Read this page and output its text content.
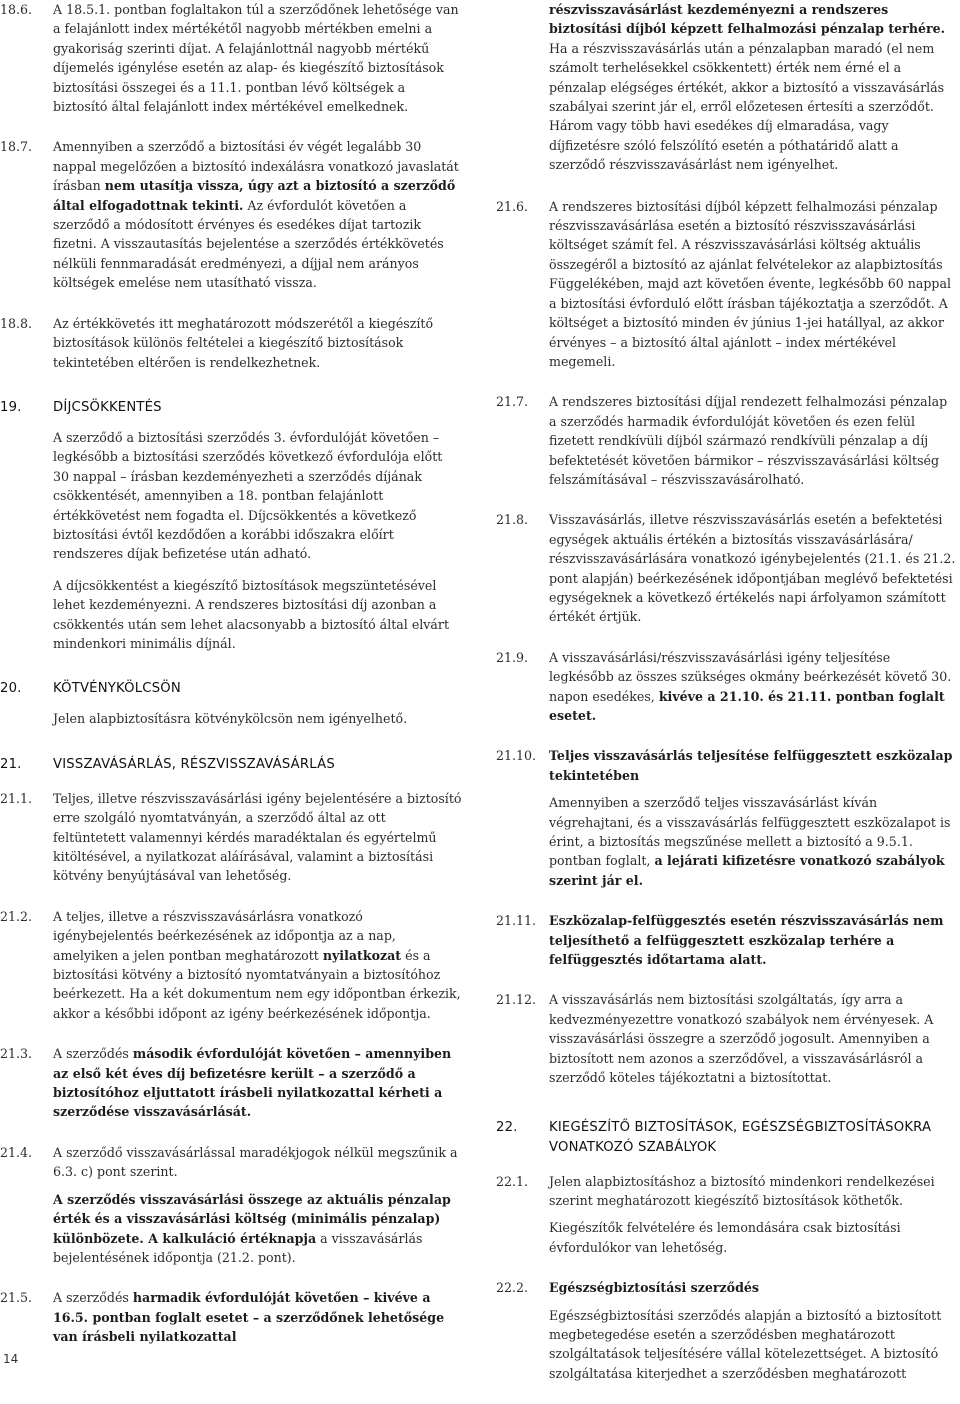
18.6.	A 18.5.1. pontban foglaltakon túl a szerződőnek lehetősége van a felajánlott index mértékétől nagyobb mértékben emelni a gyakoriság szerinti díjat. A felajánlottnál nagyobb mértékű díjemelés igénylése esetén az alap- és kiegészítő biztosítások biztosítási összegei és a 11.1. pontban lévő költségek a biztosító által felajánlott index mértékével emelkednek.
18.7.	Amennyiben a szerződő a biztosítási év végét legalább 30 nappal megelőzően a biztosító indexálásra vonatkozó javaslatát írásban nem utasítja vissza, úgy azt a biztosító a szerződő által elfogadottnak tekinti. Az évfordulót követően a szerződő a módosított érvényes és esedékes díjat tartozik fizetni. A visszautasítás bejelentése a szerződés értékkövetés nélküli fennmaradását eredményezi, a díjjal nem arányos költségek emelése nem utasítható vissza.
18.8.	Az értékkövetés itt meghatározott módszerétől a kiegészítő biztosítások különös feltételei a kiegészítő biztosítások tekintetében eltérően is rendelkezhetnek.
19.	DÍJCSÖKKENTÉS

A szerződő a biztosítási szerződés 3. évfordulóját követően – legkésőbb a biztosítási szerződés következő évfordulója előtt 30 nappal – írásban kezdeményezheti a szerződés díjának csökkentését, amennyiben a 18. pontban felajánlott értékkövetést nem fogadta el. Díjcsökkentés a következő biztosítási évtől kezdődően a korábbi időszakra előírt rendszeres díjak befizetése után adható.

A díjcsökkentést a kiegészítő biztosítások megszüntetésével lehet kezdeményezni. A rendszeres biztosítási díj azonban a csökkentés után sem lehet alacsonyabb a biztosító által elvárt mindenkori minimális díjnál.

20.	KÖTVÉNYKÖLCSÖN

Jelen alapbiztosításra kötvénykölcsön nem igényelhető.

21.	VISSZAVÁSÁRLÁS, RÉSZVISSZAVÁSÁRLÁS
21.1.	Teljes, illetve részvisszavásárlási igény bejelentésére a biztosító erre szolgáló nyomtatványán, a szerződő által az ott feltüntetett valamennyi kérdés maradéktalan és egyértelmű kitöltésével, a nyilatkozat aláírásával, valamint a biztosítási kötvény benyújtásával van lehetőség.
21.2.	A teljes, illetve a részvisszavásárlásra vonatkozó igénybejelentés beérkezésének az időpontja az a nap, amelyiken a jelen pontban meghatározott nyilatkozat és a biztosítási kötvény a biztosító nyomtatványain a biztosítóhoz beérkezett. Ha a két dokumentum nem egy időpontban érkezik, akkor a későbbi időpont az igény beérkezésének időpontja.
21.3.	A szerződés második évfordulóját követően – amennyiben az első két éves díj befizetésre került – a szerződő a biztosítóhoz eljuttatott írásbeli nyilatkozattal kérheti a szerződése visszavásárlását.
21.4.	A szerződő visszavásárlással maradékjogok nélkül megszűnik a 6.3. c) pont szerint.

A szerződés visszavásárlási összege az aktuális pénzalap érték és a visszavásárlási költség (minimális pénzalap) különbözete. A kalkuláció értéknapja a visszavásárlás bejelentésének időpontja (21.2. pont).

21.5.	A szerződés harmadik évfordulóját követően – kivéve a 16.5. pontban foglalt esetet – a szerződőnek lehetősége van írásbeli nyilatkozattal
részvisszavásárlást kezdeményezni a rendszeres biztosítási díjból képzett felhalmozási pénzalap terhére. Ha a részvisszavásárlás után a pénzalapban maradó (el nem számolt terhelésekkel csökkentett) érték nem érné el a pénzalap elégséges értékét, akkor a biztosító a visszavásárlás szabályai szerint jár el, erről előzetesen értesíti a szerződőt. Három vagy több havi esedékes díj elmaradása, vagy díjfizetésre szóló felszólító esetén a póthatáridő alatt a szerződő részvisszavásárlást nem igényelhet.
21.6.	A rendszeres biztosítási díjból képzett felhalmozási pénzalap részvisszavásárlása esetén a biztosító részvisszavásárlási költséget számít fel. A részvisszavásárlási költség aktuális összegéről a biztosító az ajánlat felvételekor az alapbiztosítás Függelékében, majd azt követően évente, legkésőbb 60 nappal a biztosítási évforduló előtt írásban tájékoztatja a szerződőt. A költséget a biztosító minden év június 1-jei hatállyal, az akkor érvényes – a biztosító által ajánlott – index mértékével megemeli.
21.7.	A rendszeres biztosítási díjjal rendezett felhalmozási pénzalap a szerződés harmadik évfordulóját követően és ezen felül fizetett rendkívüli díjból származó rendkívüli pénzalap a díj befektetését követően bármikor – részvisszavásárlási költség felszámításával – részvisszavásárolható.
21.8.	Visszavásárlás, illetve részvisszavásárlás esetén a befektetési egységek aktuális értékén a biztosítás visszavásárlására/ részvisszavásárlására vonatkozó igénybejelentés (21.1. és 21.2. pont alapján) beérkezésének időpontjában meglévő befektetési egységeknek a következő értékelés napi árfolyamon számított értékét értjük.
21.9.	A visszavásárlási/részvisszavásárlási igény teljesítése legkésőbb az összes szükséges okmány beérkezését követő 30. napon esedékes, kivéve a 21.10. és 21.11. pontban foglalt esetet.
21.10.	Teljes visszavásárlás teljesítése felfüggesztett eszközalap tekintetében

Amennyiben a szerződő teljes visszavásárlást kíván végrehajtani, és a visszavásárlás felfüggesztett eszközalapot is érint, a biztosítás megszűnése mellett a biztosító a 9.5.1. pontban foglalt, a lejárati kifizetésre vonatkozó szabályok szerint jár el.

21.11.	Eszközalap-felfüggesztés esetén részvisszavásárlás nem teljesíthető a felfüggesztett eszközalap terhére a felfüggesztés időtartama alatt.
21.12.	A visszavásárlás nem biztosítási szolgáltatás, így arra a kedvezményezettre vonatkozó szabályok nem érvényesek. A visszavásárlási összegre a szerződő jogosult. Amennyiben a biztosított nem azonos a szerződővel, a visszavásárlásról a szerződő köteles tájékoztatni a biztosítottat.
22.	KIEGÉSZÍTŐ BIZTOSÍTÁSOK, EGÉSZSÉGBIZTOSÍTÁSOKRA VONATKOZÓ SZABÁLYOK
22.1.	Jelen alapbiztosításhoz a biztosító mindenkori rendelkezései szerint meghatározott kiegészítő biztosítások köthetők.

Kiegészítők felvételére és lemondására csak biztosítási évfordulókor van lehetőség.

22.2.	Egészségbiztosítási szerződés

Egészségbiztosítási szerződés alapján a biztosító a biztosított megbetegedése esetén a szerződésben meghatározott szolgáltatások teljesítésére vállal kötelezettséget. A biztosító szolgáltatása kiterjedhet a szerződésben meghatározott

14
